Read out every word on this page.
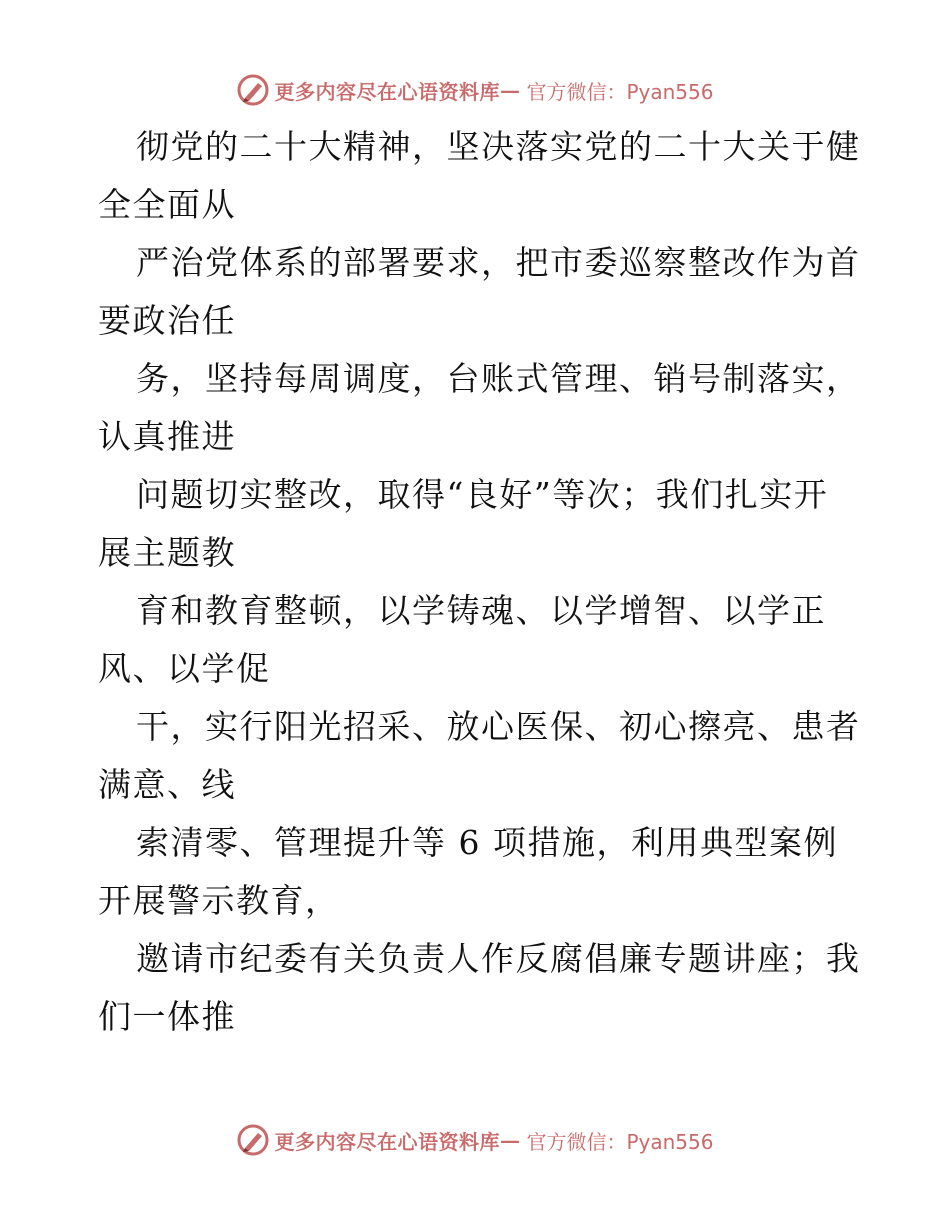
更多内容尽在心语资料库 — 官方微信：Pyan556
彻党的二十大精神，坚决落实党的二十大关于健
全全面从
严治党体系的部署要求，把市委巡察整改作为首
要政治任
务，坚持每周调度，台账式管理、销号制落实，
认真推进
问题切实整改，取得“良好”等次；我们扎实开
展主题教
育和教育整顿，以学铸魂、以学增智、以学正
风、以学促
干，实行阳光招采、放心医保、初心擦亮、患者
满意、线
索清零、管理提升等 6 项措施，利用典型案例
开展警示教育，
邀请市纪委有关负责人作反腐倡廉专题讲座；我
们一体推
更多内容尽在心语资料库 — 官方微信：Pyan556
